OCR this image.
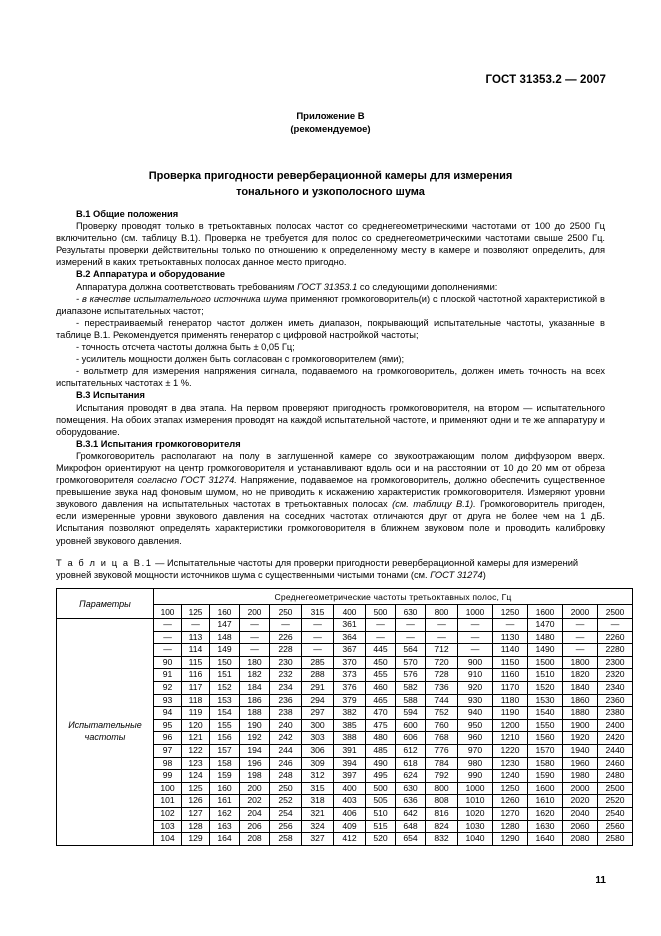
ГОСТ 31353.2 — 2007
Приложение В
(рекомендуемое)
Проверка пригодности реверберационной камеры для измерения
тонального и узкополосного шума

В.1 Общие положения

Проверку проводят только в третьоктавных полосах частот со среднегеометрическими частотами от 100 до 2500 Гц включительно (см. таблицу В.1). Проверка не требуется для полос со среднегеометрическими частотами свыше 2500 Гц. Результаты проверки действительны только по отношению к определенному месту в камере и позволяют определить, для измерений в каких третьоктавных полосах данное место пригодно.

В.2 Аппаратура и оборудование

Аппаратура должна соответствовать требованиям ГОСТ 31353.1 со следующими дополнениями:

- в качестве испытательного источника шума применяют громкоговоритель(и) с плоской частотной характеристикой в диапазоне испытательных частот;

- перестраиваемый генератор частот должен иметь диапазон, покрывающий испытательные частоты, указанные в таблице В.1. Рекомендуется применять генератор с цифровой настройкой частоты;

- точность отсчета частоты должна быть ± 0,05 Гц;

- усилитель мощности должен быть согласован с громкоговорителем (ями);

- вольтметр для измерения напряжения сигнала, подаваемого на громкоговоритель, должен иметь точность на всех испытательных частотах ± 1 %.

В.3 Испытания

Испытания проводят в два этапа. На первом проверяют пригодность громкоговорителя, на втором — испытательного помещения. На обоих этапах измерения проводят на каждой испытательной частоте, и применяют одни и те же аппаратуру и оборудование.

В.3.1 Испытания громкоговорителя

Громкоговоритель располагают на полу в заглушенной камере со звукоотражающим полом диффузором вверх. Микрофон ориентируют на центр громкоговорителя и устанавливают вдоль оси и на расстоянии от 10 до 20 мм от обреза громкоговорителя согласно ГОСТ 31274. Напряжение, подаваемое на громкоговоритель, должно обеспечить существенное превышение звука над фоновым шумом, но не приводить к искажению характеристик громкоговорителя. Измеряют уровни звукового давления на испытательных частотах в третьоктавных полосах (см. таблицу В.1). Громкоговоритель пригоден, если измеренные уровни звукового давления на соседних частотах отличаются друг от друга не более чем на 1 дБ. Испытания позволяют определять характеристики громкоговорителя в ближнем звуковом поле и проводить калибровку уровней звукового давления.

Т а б л и ц а В.1 — Испытательные частоты для проверки пригодности реверберационной камеры для измерений уровней звуковой мощности источников шума с существенными чистыми тонами (см. ГОСТ 31274)
Параметры	Среднегеометрические частоты третьоктавных полос, Гц														
	100	125	160	200	250	315	400	500	630	800	1000	1250	1600	2000	2500

Испытательные
частоты	—	—	147	—	—	—	361	—	—	—	—	—	1470	—	—
	—	113	148	—	226	—	364	—	—	—	—	1130	1480	—	2260
	—	114	149	—	228	—	367	445	564	712	—	1140	1490	—	2280
	90	115	150	180	230	285	370	450	570	720	900	1150	1500	1800	2300
	91	116	151	182	232	288	373	455	576	728	910	1160	1510	1820	2320
	92	117	152	184	234	291	376	460	582	736	920	1170	1520	1840	2340
	93	118	153	186	236	294	379	465	588	744	930	1180	1530	1860	2360
	94	119	154	188	238	297	382	470	594	752	940	1190	1540	1880	2380
	95	120	155	190	240	300	385	475	600	760	950	1200	1550	1900	2400
	96	121	156	192	242	303	388	480	606	768	960	1210	1560	1920	2420
	97	122	157	194	244	306	391	485	612	776	970	1220	1570	1940	2440
	98	123	158	196	246	309	394	490	618	784	980	1230	1580	1960	2460
	99	124	159	198	248	312	397	495	624	792	990	1240	1590	1980	2480
	100	125	160	200	250	315	400	500	630	800	1000	1250	1600	2000	2500
	101	126	161	202	252	318	403	505	636	808	1010	1260	1610	2020	2520
	102	127	162	204	254	321	406	510	642	816	1020	1270	1620	2040	2540
	103	128	163	206	256	324	409	515	648	824	1030	1280	1630	2060	2560
	104	129	164	208	258	327	412	520	654	832	1040	1290	1640	2080	2580
11
